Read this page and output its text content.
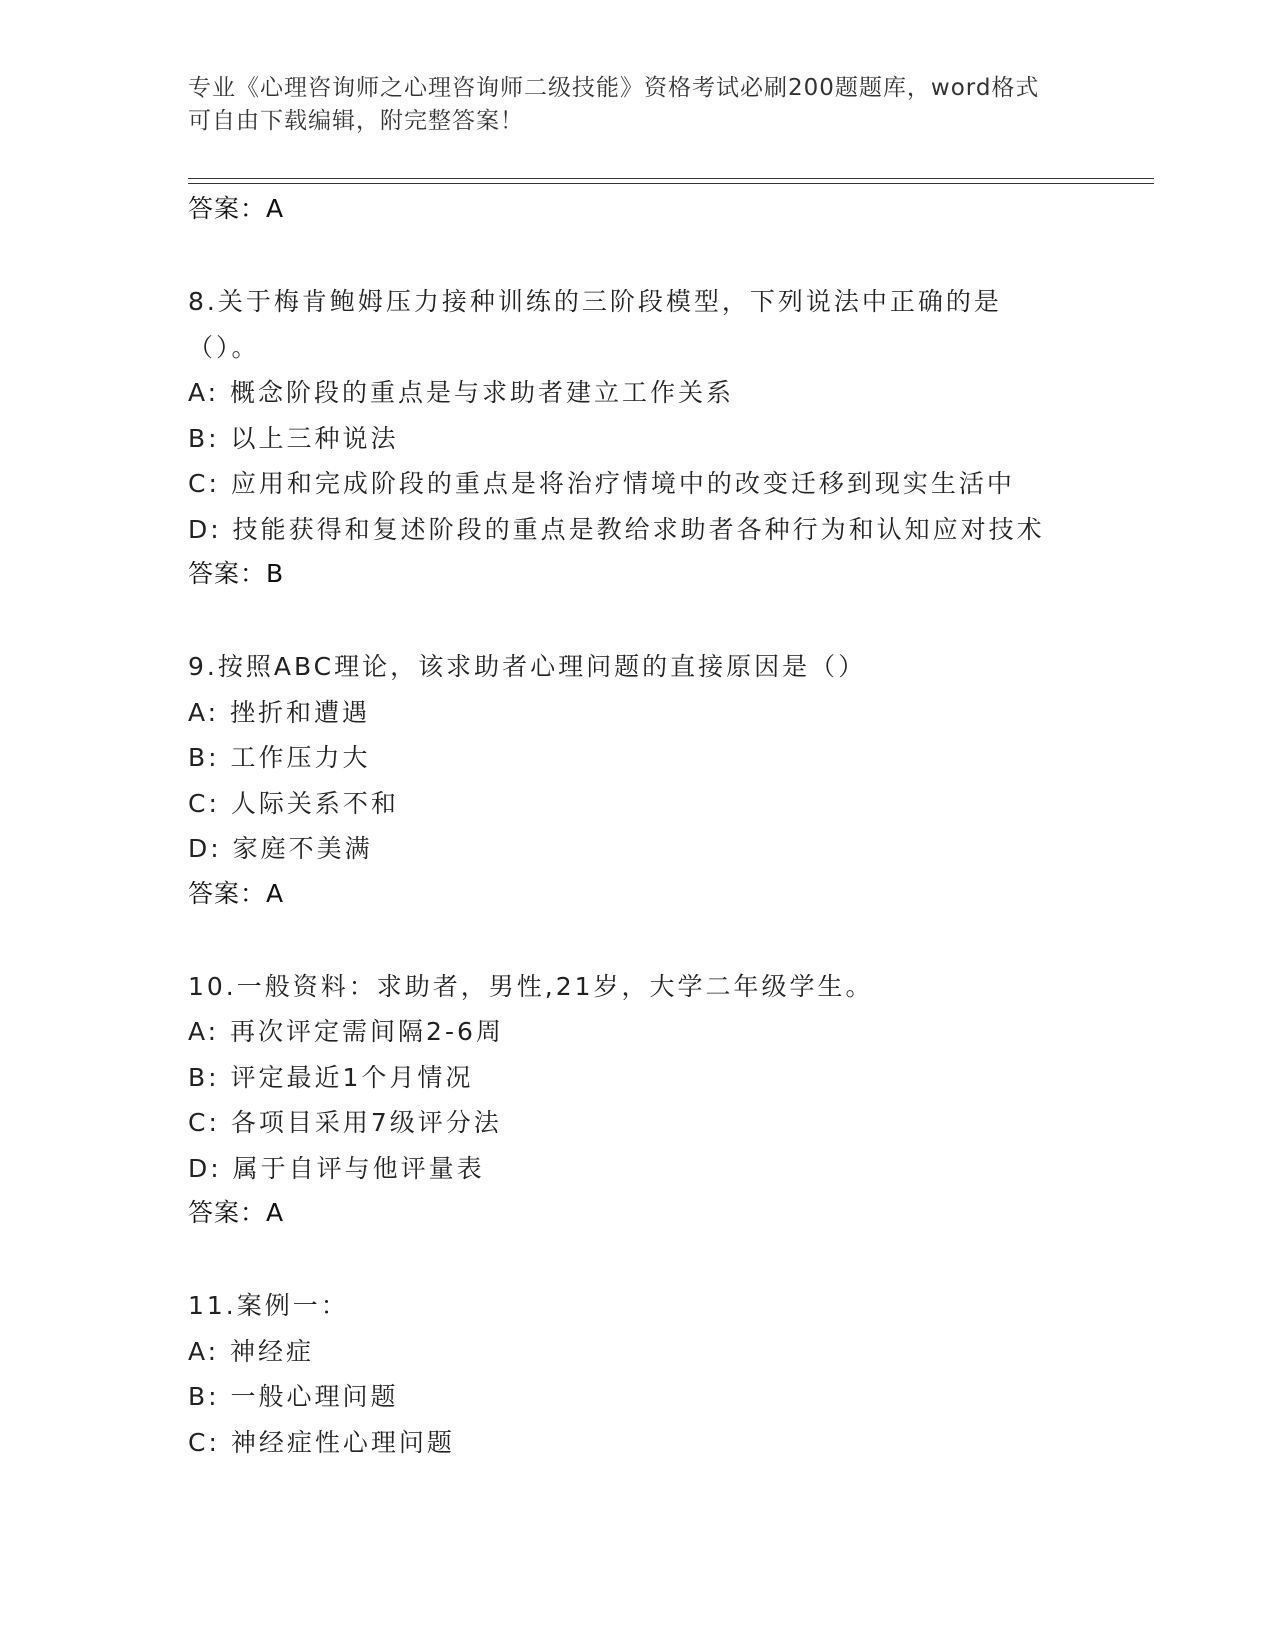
专业《心理咨询师之心理咨询师二级技能》资格考试必刷200题题库，word格式
可自由下载编辑，附完整答案！
答案：A
8.关于梅肯鲍姆压力接种训练的三阶段模型，下列说法中正确的是（）。
A: 概念阶段的重点是与求助者建立工作关系
B: 以上三种说法
C: 应用和完成阶段的重点是将治疗情境中的改变迁移到现实生活中
D: 技能获得和复述阶段的重点是教给求助者各种行为和认知应对技术
答案：B
9.按照ABC理论，该求助者心理问题的直接原因是（）
A: 挫折和遭遇
B: 工作压力大
C: 人际关系不和
D: 家庭不美满
答案：A
10.一般资料：求助者，男性,21岁，大学二年级学生。
A: 再次评定需间隔2-6周
B: 评定最近1个月情况
C: 各项目采用7级评分法
D: 属于自评与他评量表
答案：A
11.案例一：
A: 神经症
B: 一般心理问题
C: 神经症性心理问题
